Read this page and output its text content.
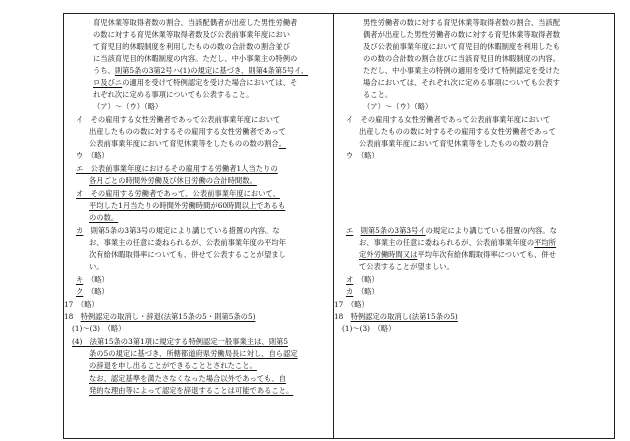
育児休業等取得者数の割合、当該配偶者が出産した男性労働者
の数に対する育児休業等取得者数及び公表前事業年度におい
て育児目的休暇制度を利用したものの数の合計数の割合並び
に当該育児目的休暇制度の内容。ただし、中小事業主の特例の
うち、則第5条の3第2号ハ(1)の規定に基づき、則第4条第5号イ、
ロ及びニの適用を受けて特例認定を受けた場合においては、そ
れぞれ次に定める事項についても公表すること。
（ア）～（ウ）（略）
イ　その雇用する女性労働者であって公表前事業年度において
出産したものの数に対するその雇用する女性労働者であって
公表前事業年度において育児休業等をしたものの数の割合。
ウ　（略）
エ　公表前事業年度におけるその雇用する労働者1人当たりの
各月ごとの時間外労働及び休日労働の合計時間数。
オ　その雇用する労働者であって、公表前事業年度において、
平均した1月当たりの時間外労働時間が60時間以上であるも
のの数。
カ　則第5条の3第3号の規定により講じている措置の内容。な
お、事業主の任意に委ねられるが、公表前事業年度の平均年
次有給休暇取得率についても、併せて公表することが望まし
い。
キ　（略）
ク　（略）
17　（略）
18　特例認定の取消し・辞退(法第15条の5・則第5条の5)
(1)～(3)　（略）
(4)　法第15条の3第1項に規定する特例認定一般事業主は、則第5
条の5の規定に基づき、所轄都道府県労働局長に対し、自ら認定
の辞退を申し出ることができることとされたこと。
なお、認定基準を満たさなくなった場合以外であっても、自
発的な理由等によって認定を辞退することは可能であること。
男性労働者の数に対する育児休業等取得者数の割合、当該配
偶者が出産した男性労働者の数に対する育児休業等取得者数
及び公表前事業年度において育児目的休暇制度を利用したも
のの数の合計数の割合並びに当該育児目的休暇制度の内容。
ただし、中小事業主の特例の適用を受けて特例認定を受けた
場合においては、それぞれ次に定める事項についても公表す
ること。
（ア）～（ウ）（略）
イ　その雇用する女性労働者であって公表前事業年度において
出産したものの数に対するその雇用する女性労働者であって
公表前事業年度において育児休業等をしたものの数の割合
ウ　（略）
エ　 則第5条の3第3号イの規定により講じている措置の内容。な
お、事業主の任意に委ねられるが、公表前事業年度の平均所
定外労働時間又は平均年次有給休暇取得率についても、併せ
て公表することが望ましい。
オ　（略）
カ　（略）
17　（略）
18　特例認定の取消し(法第15条の5)
(1)～(3)　（略）
